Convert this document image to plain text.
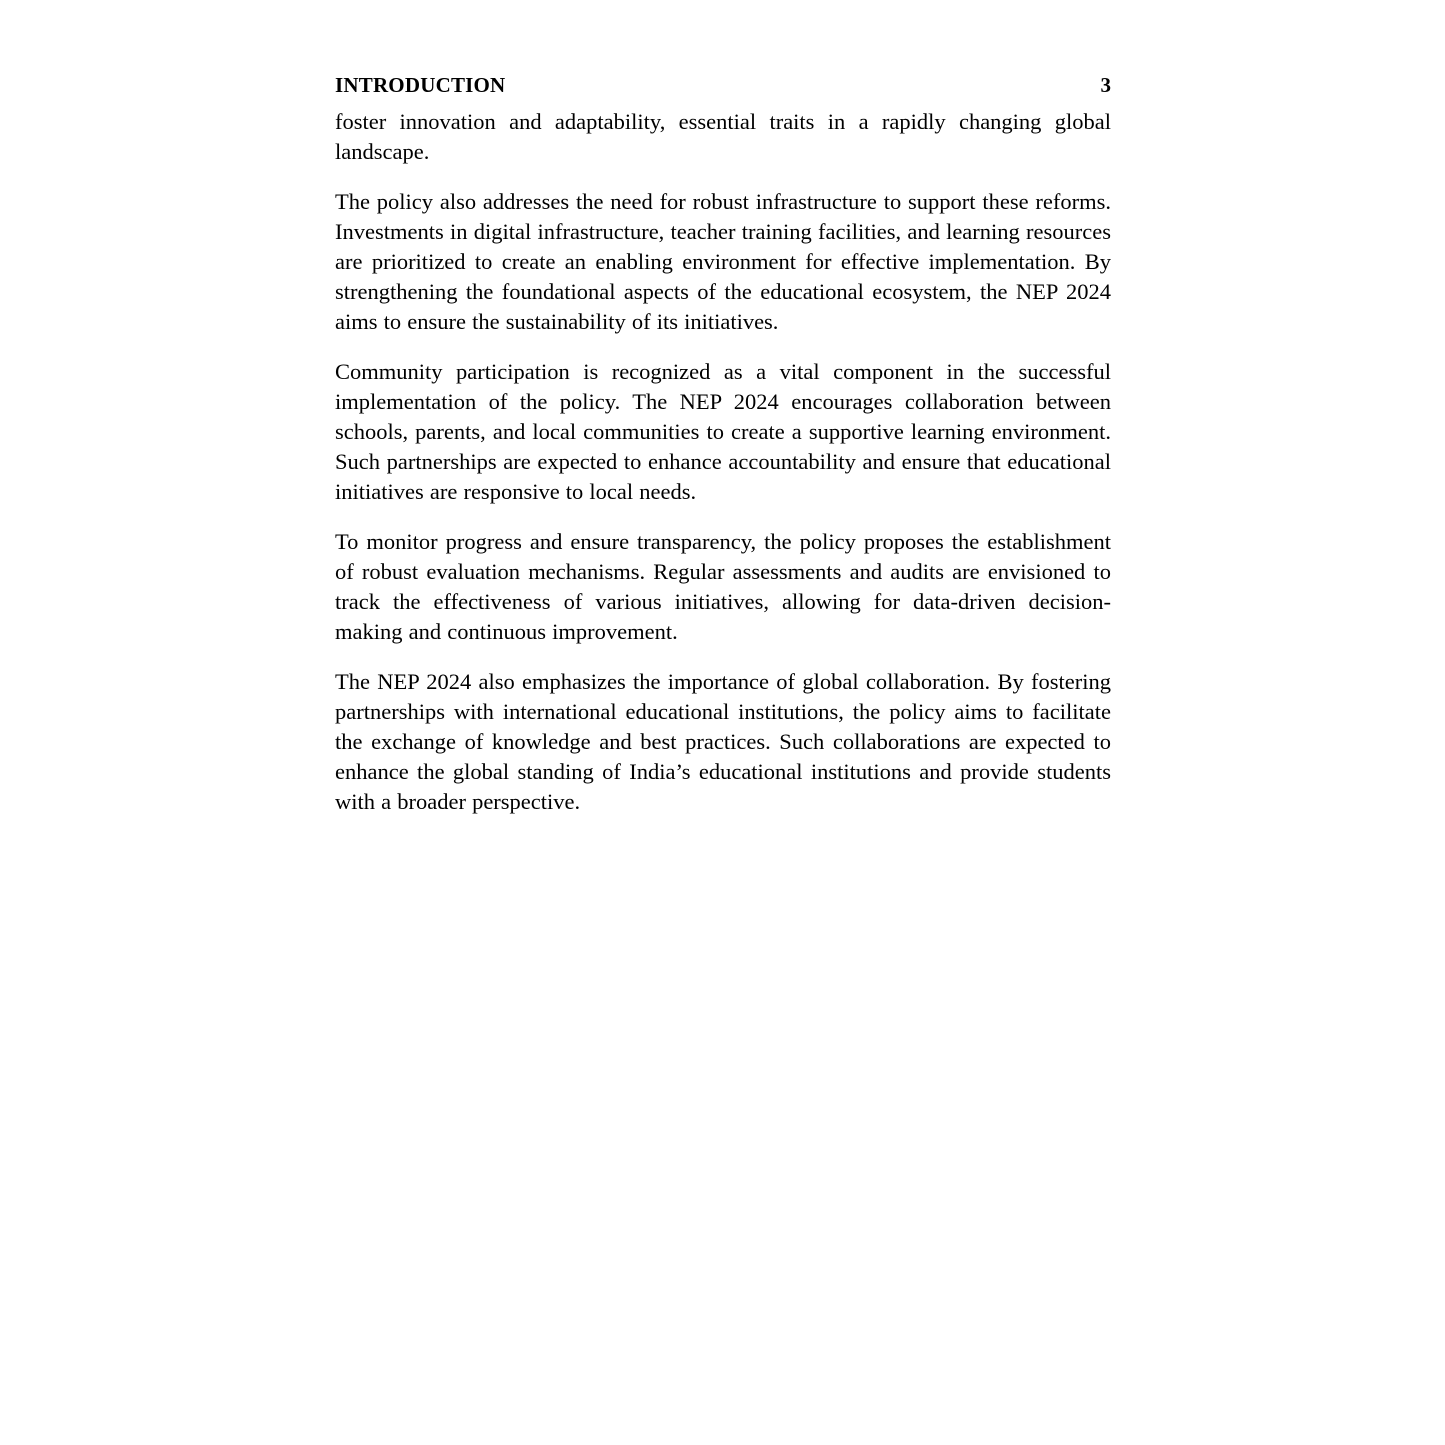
INTRODUCTION	3

foster innovation and adaptability, essential traits in a rapidly changing global landscape.

The policy also addresses the need for robust infrastructure to support these reforms. Investments in digital infrastructure, teacher training facilities, and learning resources are prioritized to create an enabling environment for effective implementation. By strengthening the foundational aspects of the educational ecosystem, the NEP 2024 aims to ensure the sustainability of its initiatives.

Community participation is recognized as a vital component in the successful implementation of the policy. The NEP 2024 encourages collaboration between schools, parents, and local communities to create a supportive learning environment. Such partnerships are expected to enhance accountability and ensure that educational initiatives are responsive to local needs.

To monitor progress and ensure transparency, the policy proposes the establishment of robust evaluation mechanisms. Regular assessments and audits are envisioned to track the effectiveness of various initiatives, allowing for data-driven decision-making and continuous improvement.

The NEP 2024 also emphasizes the importance of global collaboration. By fostering partnerships with international educational institutions, the policy aims to facilitate the exchange of knowledge and best practices. Such collaborations are expected to enhance the global standing of India’s educational institutions and provide students with a broader perspective.
